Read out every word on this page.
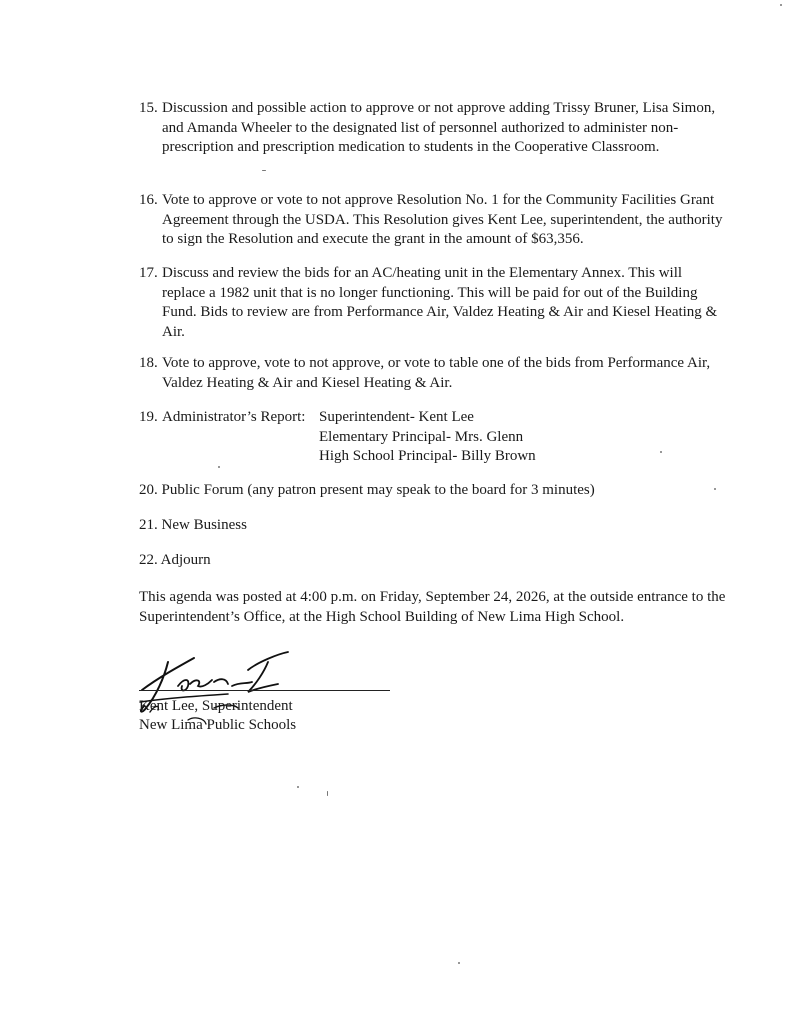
15. Discussion and possible action to approve or not approve adding Trissy Bruner, Lisa Simon, and Amanda Wheeler to the designated list of personnel authorized to administer non-prescription and prescription medication to students in the Cooperative Classroom.
16. Vote to approve or vote to not approve Resolution No. 1 for the Community Facilities Grant Agreement through the USDA. This Resolution gives Kent Lee, superintendent, the authority to sign the Resolution and execute the grant in the amount of $63,356.
17. Discuss and review the bids for an AC/heating unit in the Elementary Annex. This will replace a 1982 unit that is no longer functioning. This will be paid for out of the Building Fund. Bids to review are from Performance Air, Valdez Heating & Air and Kiesel Heating & Air.
18. Vote to approve, vote to not approve, or vote to table one of the bids from Performance Air, Valdez Heating & Air and Kiesel Heating & Air.
19. Administrator’s Report: Superintendent- Kent Lee
Elementary Principal- Mrs. Glenn
High School Principal- Billy Brown
20. Public Forum (any patron present may speak to the board for 3 minutes)
21. New Business
22. Adjourn
This agenda was posted at 4:00 p.m. on Friday, September 24, 2026, at the outside entrance to the Superintendent’s Office, at the High School Building of New Lima High School.
Kent Lee, Superintendent
New Lima Public Schools
